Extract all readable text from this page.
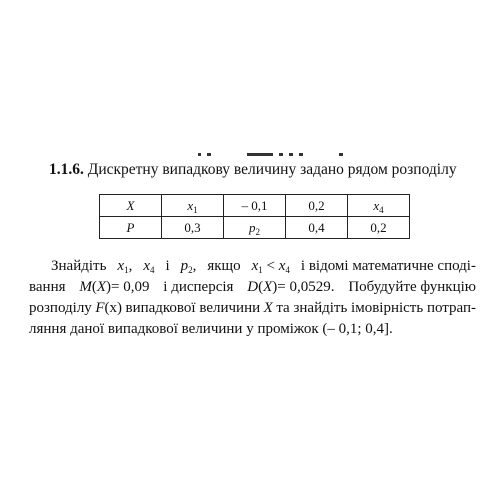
1.1.6. Дискретну випадкову величину задано рядом розподілу
X	$x_1$	– 0,1	0,2	$x_4$
P	0,3	$p_2$	0,4	0,2
Знайдіть $x_1$, $x_4$ і $p_2$, якщо $x_1 < x_4$ і відомі математичне споді-
вання M(X)= 0,09 і дисперсія D(X)= 0,0529. Побудуйте функцію
розподілу F(x) випадкової величини X та знайдіть імовірність потрап-
ляння даної випадкової величини у проміжок (– 0,1; 0,4].
